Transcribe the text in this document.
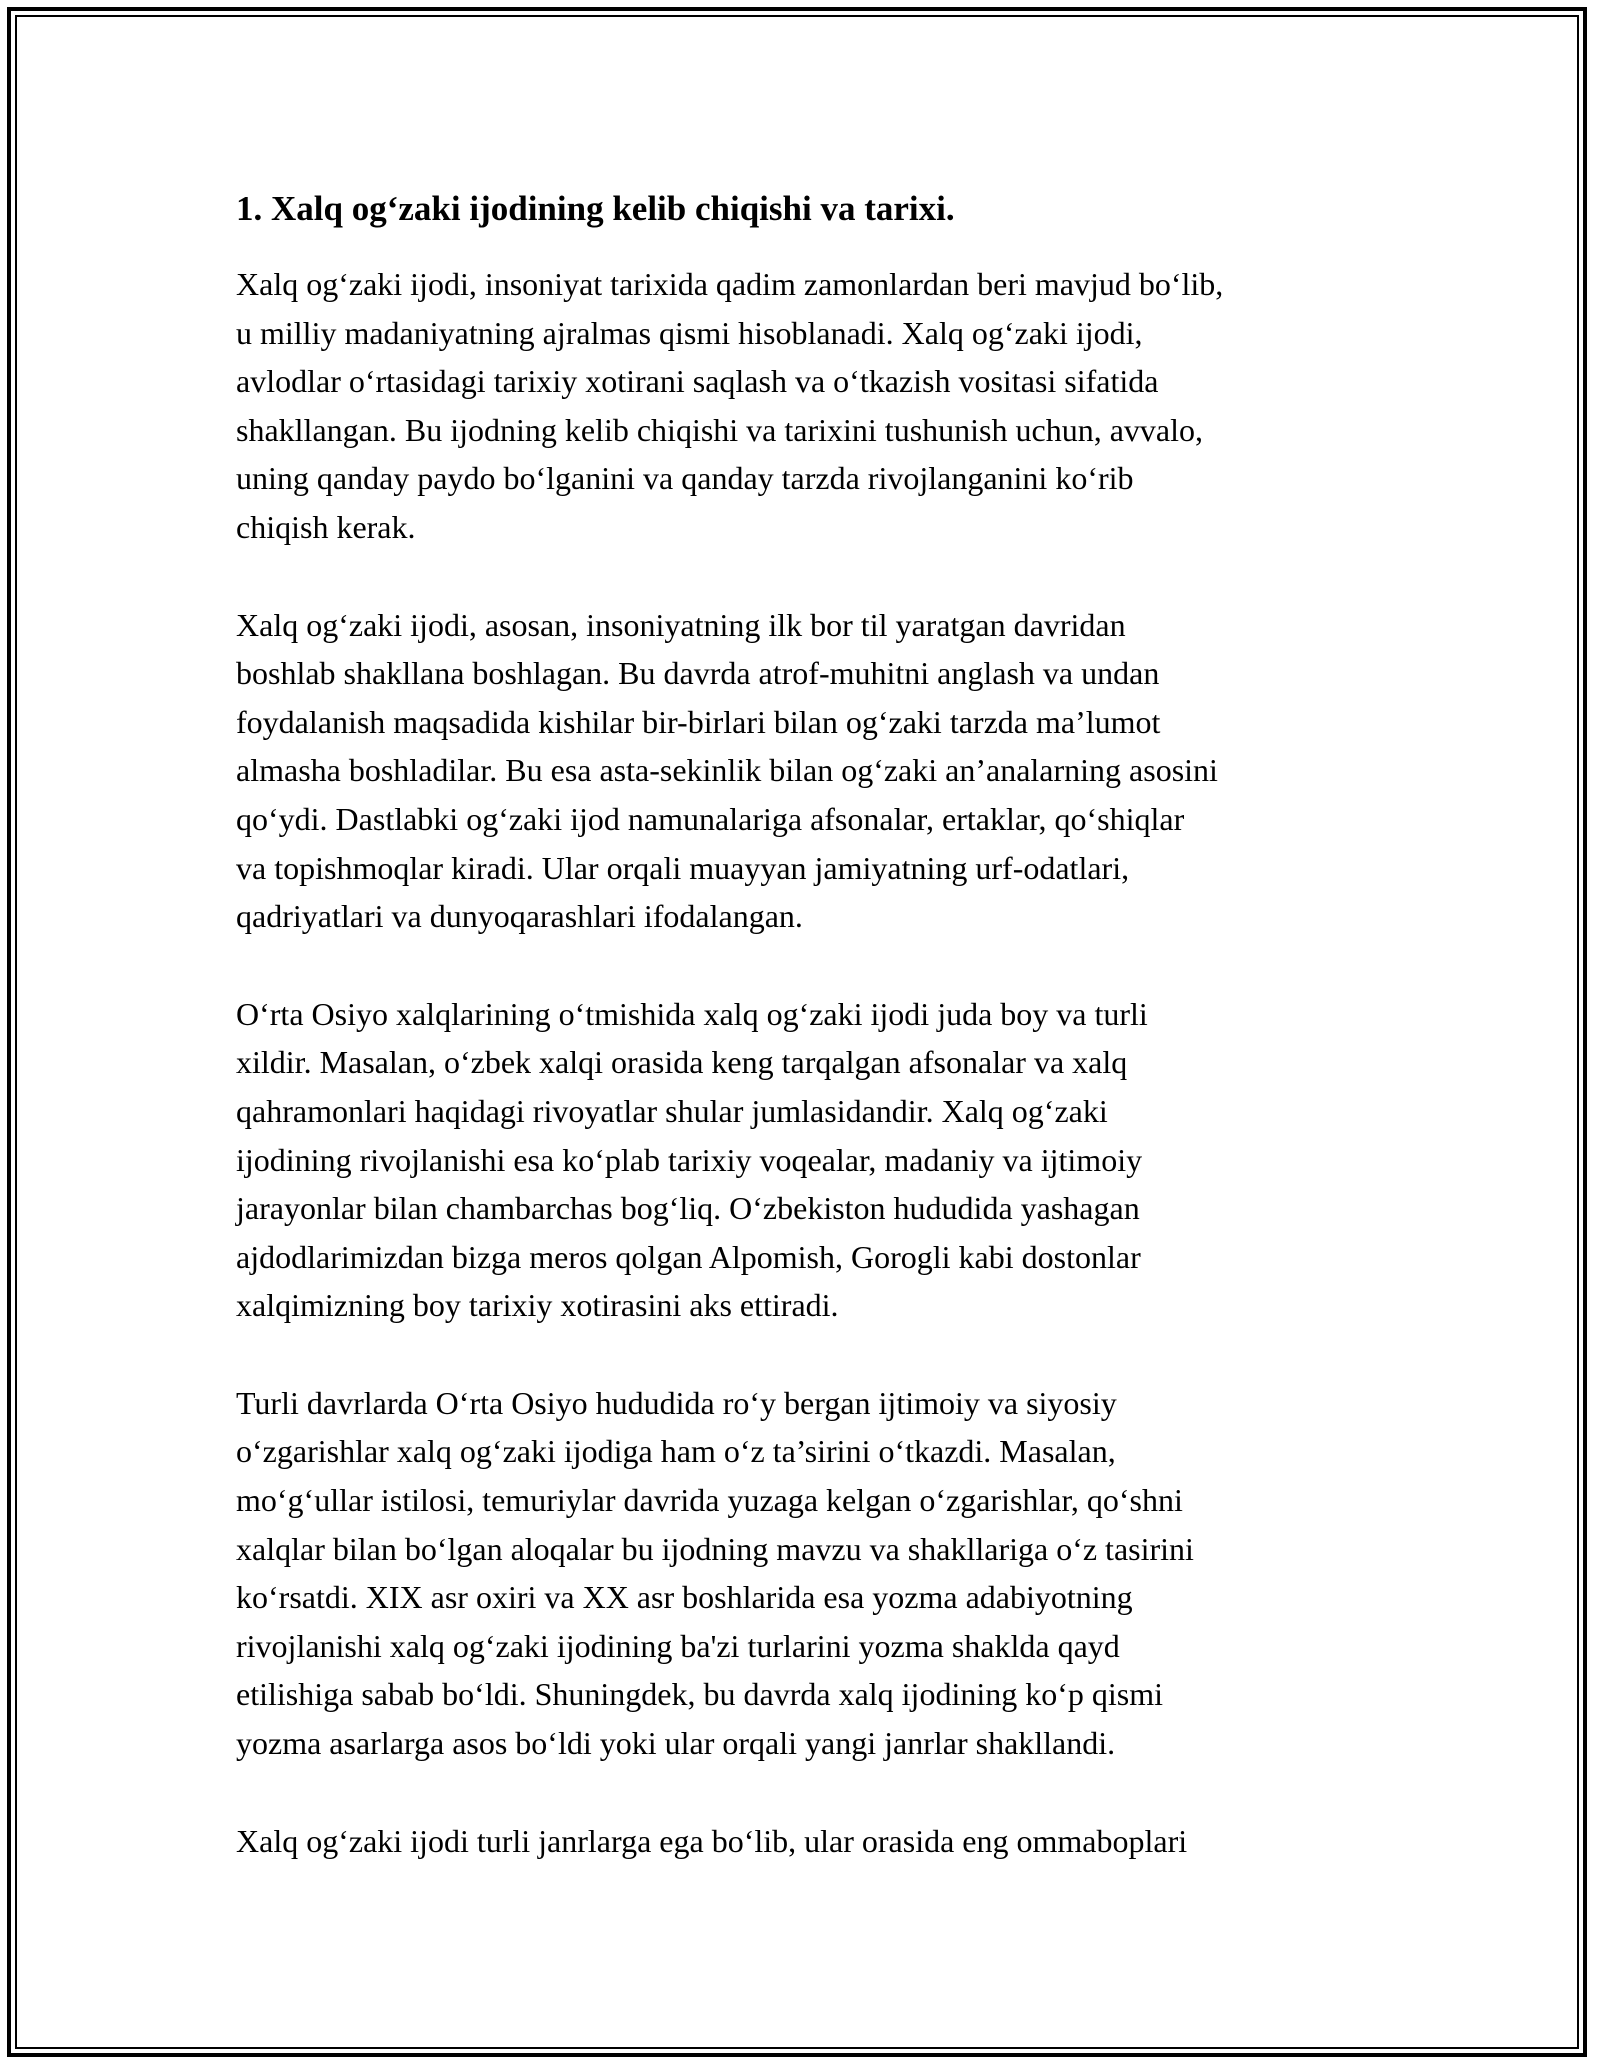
1. Xalq og‘zaki ijodining kelib chiqishi va tarixi.

Xalq og‘zaki ijodi, insoniyat tarixida qadim zamonlardan beri mavjud bo‘lib,
u milliy madaniyatning ajralmas qismi hisoblanadi. Xalq og‘zaki ijodi,
avlodlar o‘rtasidagi tarixiy xotirani saqlash va o‘tkazish vositasi sifatida
shakllangan. Bu ijodning kelib chiqishi va tarixini tushunish uchun, avvalo,
uning qanday paydo bo‘lganini va qanday tarzda rivojlanganini ko‘rib
chiqish kerak.

Xalq og‘zaki ijodi, asosan, insoniyatning ilk bor til yaratgan davridan
boshlab shakllana boshlagan. Bu davrda atrof-muhitni anglash va undan
foydalanish maqsadida kishilar bir-birlari bilan og‘zaki tarzda ma’lumot
almasha boshladilar. Bu esa asta-sekinlik bilan og‘zaki an’analarning asosini
qo‘ydi. Dastlabki og‘zaki ijod namunalariga afsonalar, ertaklar, qo‘shiqlar
va topishmoqlar kiradi. Ular orqali muayyan jamiyatning urf-odatlari,
qadriyatlari va dunyoqarashlari ifodalangan.

O‘rta Osiyo xalqlarining o‘tmishida xalq og‘zaki ijodi juda boy va turli
xildir. Masalan, o‘zbek xalqi orasida keng tarqalgan afsonalar va xalq
qahramonlari haqidagi rivoyatlar shular jumlasidandir. Xalq og‘zaki
ijodining rivojlanishi esa ko‘plab tarixiy voqealar, madaniy va ijtimoiy
jarayonlar bilan chambarchas bog‘liq. O‘zbekiston hududida yashagan
ajdodlarimizdan bizga meros qolgan Alpomish, Gorogli kabi dostonlar
xalqimizning boy tarixiy xotirasini aks ettiradi.

Turli davrlarda O‘rta Osiyo hududida ro‘y bergan ijtimoiy va siyosiy
o‘zgarishlar xalq og‘zaki ijodiga ham o‘z ta’sirini o‘tkazdi. Masalan,
mo‘g‘ullar istilosi, temuriylar davrida yuzaga kelgan o‘zgarishlar, qo‘shni
xalqlar bilan bo‘lgan aloqalar bu ijodning mavzu va shakllariga o‘z tasirini
ko‘rsatdi. XIX asr oxiri va XX asr boshlarida esa yozma adabiyotning
rivojlanishi xalq og‘zaki ijodining ba'zi turlarini yozma shaklda qayd
etilishiga sabab bo‘ldi. Shuningdek, bu davrda xalq ijodining ko‘p qismi
yozma asarlarga asos bo‘ldi yoki ular orqali yangi janrlar shakllandi.

Xalq og‘zaki ijodi turli janrlarga ega bo‘lib, ular orasida eng ommaboplari
